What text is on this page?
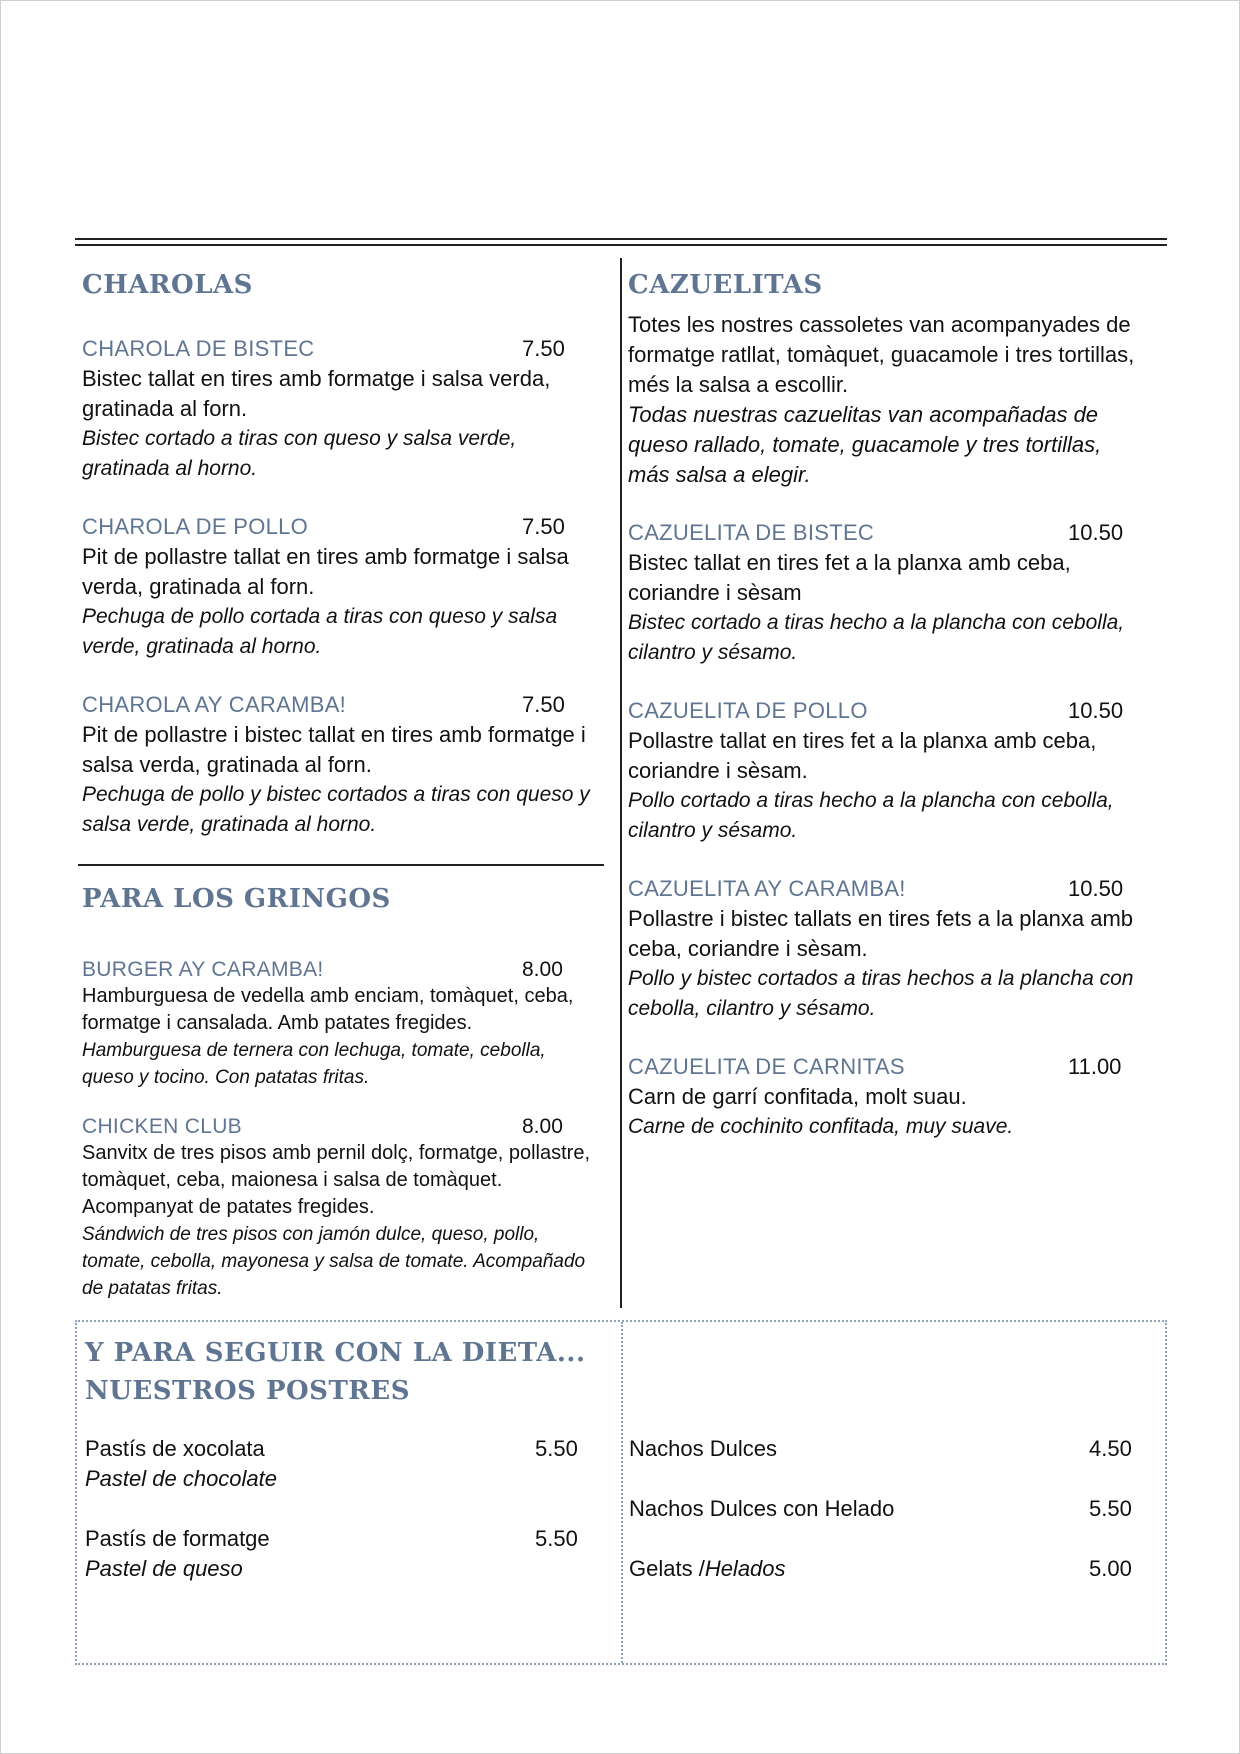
CHAROLAS
CHAROLA DE BISTEC	7.50
Bistec tallat en tires amb formatge i salsa verda, gratinada al forn.
Bistec cortado a tiras con queso y salsa verde, gratinada al horno.
CHAROLA DE POLLO	7.50
Pit de pollastre tallat en tires amb formatge i salsa verda, gratinada al forn.
Pechuga de pollo cortada a tiras con queso y salsa verde, gratinada al horno.
CHAROLA AY CARAMBA!	7.50
Pit de pollastre i bistec tallat en tires amb formatge i salsa verda, gratinada al forn.
Pechuga de pollo y bistec cortados a tiras con queso y salsa verde, gratinada al horno.
PARA LOS GRINGOS
BURGER AY CARAMBA!	8.00
Hamburguesa de vedella amb enciam, tomàquet, ceba, formatge i cansalada. Amb patates fregides.
Hamburguesa de ternera con lechuga, tomate, cebolla, queso y tocino. Con patatas fritas.
CHICKEN CLUB	8.00
Sanvitx de tres pisos amb pernil dolç, formatge, pollastre, tomàquet, ceba, maionesa i salsa de tomàquet. Acompanyat de patates fregides.
Sándwich de tres pisos con jamón dulce, queso, pollo, tomate, cebolla, mayonesa y salsa de tomate. Acompañado de patatas fritas.
CAZUELITAS
Totes les nostres cassoletes van acompanyades de formatge ratllat, tomàquet, guacamole i tres tortillas, més la salsa a escollir.
Todas nuestras cazuelitas van acompañadas de queso rallado, tomate, guacamole y tres tortillas, más salsa a elegir.
CAZUELITA DE BISTEC	10.50
Bistec tallat en tires fet a la planxa amb ceba, coriandre i sèsam
Bistec cortado a tiras hecho a la plancha con cebolla, cilantro y sésamo.
CAZUELITA DE POLLO	10.50
Pollastre tallat en tires fet a la planxa amb ceba, coriandre i sèsam.
Pollo cortado a tiras hecho a la plancha con cebolla, cilantro y sésamo.
CAZUELITA AY CARAMBA!	10.50
Pollastre i bistec tallats en tires fets a la planxa amb ceba, coriandre i sèsam.
Pollo y bistec cortados a tiras hechos a la plancha con cebolla, cilantro y sésamo.
CAZUELITA DE CARNITAS	11.00
Carn de garrí confitada, molt suau.
Carne de cochinito confitada, muy suave.
Y PARA SEGUIR CON LA DIETA...
NUESTROS POSTRES
Pastís de xocolata	5.50
Pastel de chocolate
Pastís de formatge	5.50
Pastel de queso
Nachos Dulces	4.50
Nachos Dulces con Helado	5.50
Gelats /Helados	5.00
